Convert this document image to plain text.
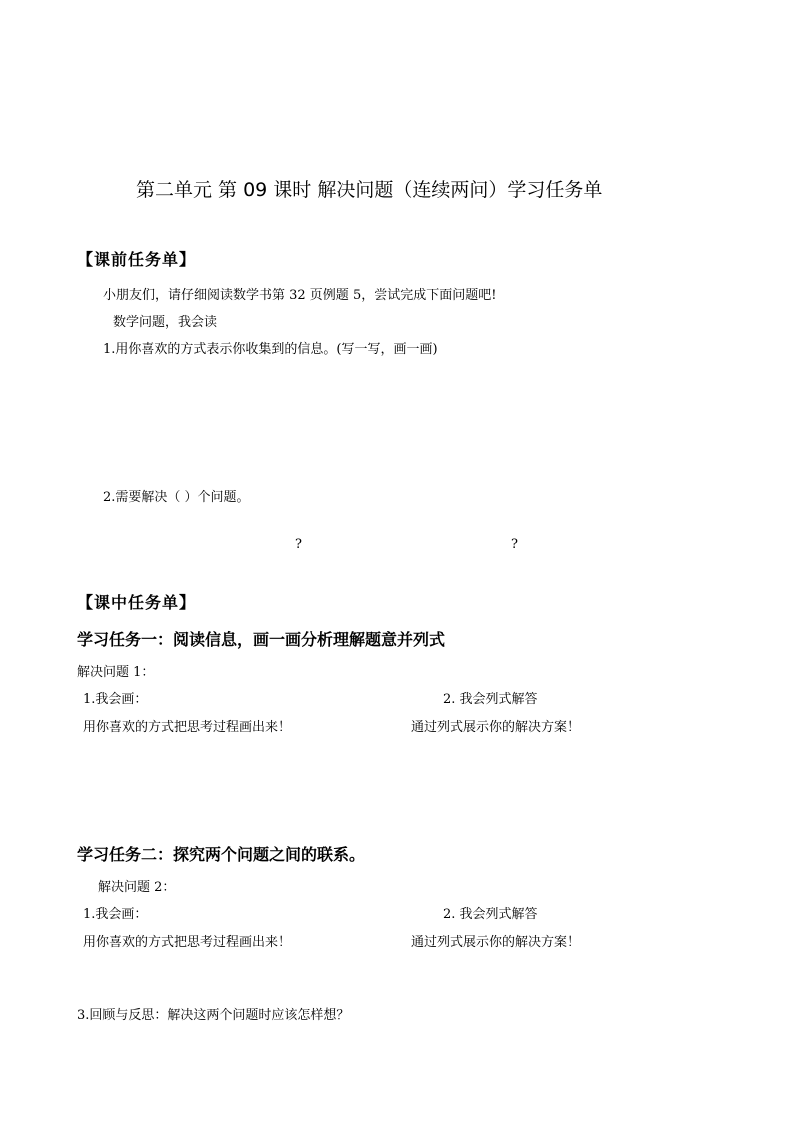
第二单元 第 09 课时 解决问题（连续两问）学习任务单
【课前任务单】
小朋友们，请仔细阅读数学书第 32 页例题 5，尝试完成下面问题吧!
数学问题，我会读
1.用你喜欢的方式表示你收集到的信息。(写一写，画一画)
2.需要解决（ ）个问题。
?	?
【课中任务单】
学习任务一：阅读信息，画一画分析理解题意并列式
解决问题 1：
1.我会画：	2. 我会列式解答
用你喜欢的方式把思考过程画出来！	通过列式展示你的解决方案！
学习任务二：探究两个问题之间的联系。
解决问题 2：
1.我会画：	2. 我会列式解答
用你喜欢的方式把思考过程画出来！	通过列式展示你的解决方案！
3.回顾与反思：解决这两个问题时应该怎样想？
